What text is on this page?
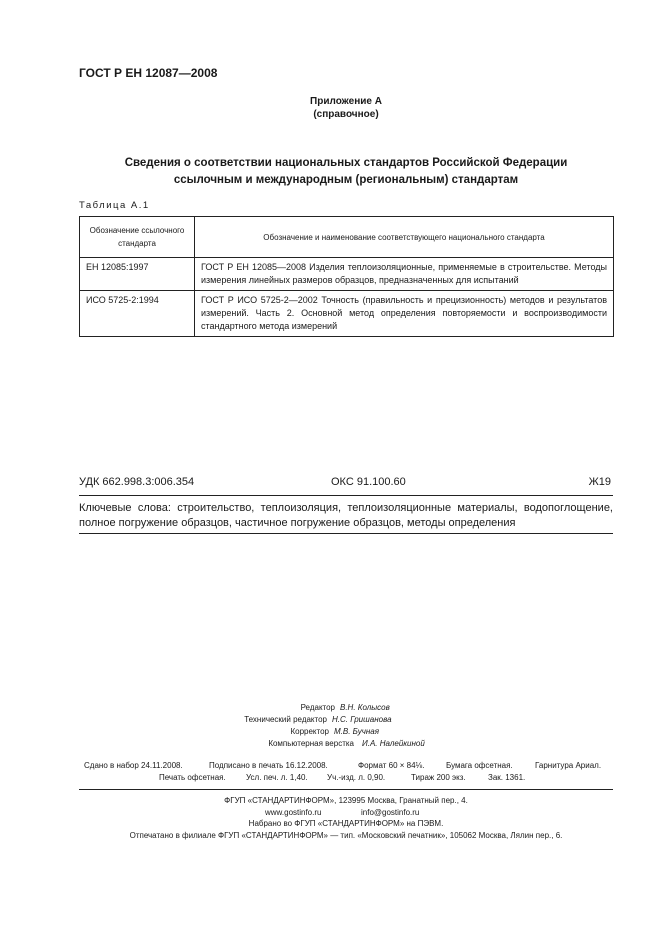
ГОСТ Р ЕН 12087—2008
Приложение А
(справочное)
Сведения о соответствии национальных стандартов Российской Федерации
ссылочным и международным (региональным) стандартам
Таблица А.1
Обозначение ссылочного стандарта	Обозначение и наименование соответствующего национального стандарта
ЕН 12085:1997	ГОСТ Р ЕН 12085—2008 Изделия теплоизоляционные, применяемые в строительстве. Методы измерения линейных размеров образцов, предназначенных для испытаний
ИСО 5725-2:1994	ГОСТ Р ИСО 5725-2—2002 Точность (правильность и прецизионность) методов и результатов измерений. Часть 2. Основной метод определения повторяемости и воспроизводимости стандартного метода измерений
УДК 662.998.3:006.354	ОКС 91.100.60	Ж19
Ключевые слова: строительство, теплоизоляция, теплоизоляционные материалы, водопоглощение, полное погружение образцов, частичное погружение образцов, методы определения
Редактор В.Н. Колысов
Технический редактор Н.С. Гришанова
Корректор М.В. Бучная
Компьютерная верстка И.А. Налейкиной
Сдано в набор 24.11.2008.	Подписано в печать 16.12.2008.	Формат 60 × 84⅛.	Бумага офсетная.	Гарнитура Ариал.
Печать офсетная.	Усл. печ. л. 1,40. Уч.-изд. л. 0,90.	Тираж 200 экз.	Зак. 1361.
ФГУП «СТАНДАРТИНФОРМ», 123995 Москва, Гранатный пер., 4.
www.gostinfo.ru	info@gostinfo.ru
Набрано во ФГУП «СТАНДАРТИНФОРМ» на ПЭВМ.
Отпечатано в филиале ФГУП «СТАНДАРТИНФОРМ» — тип. «Московский печатник», 105062 Москва, Лялин пер., 6.
